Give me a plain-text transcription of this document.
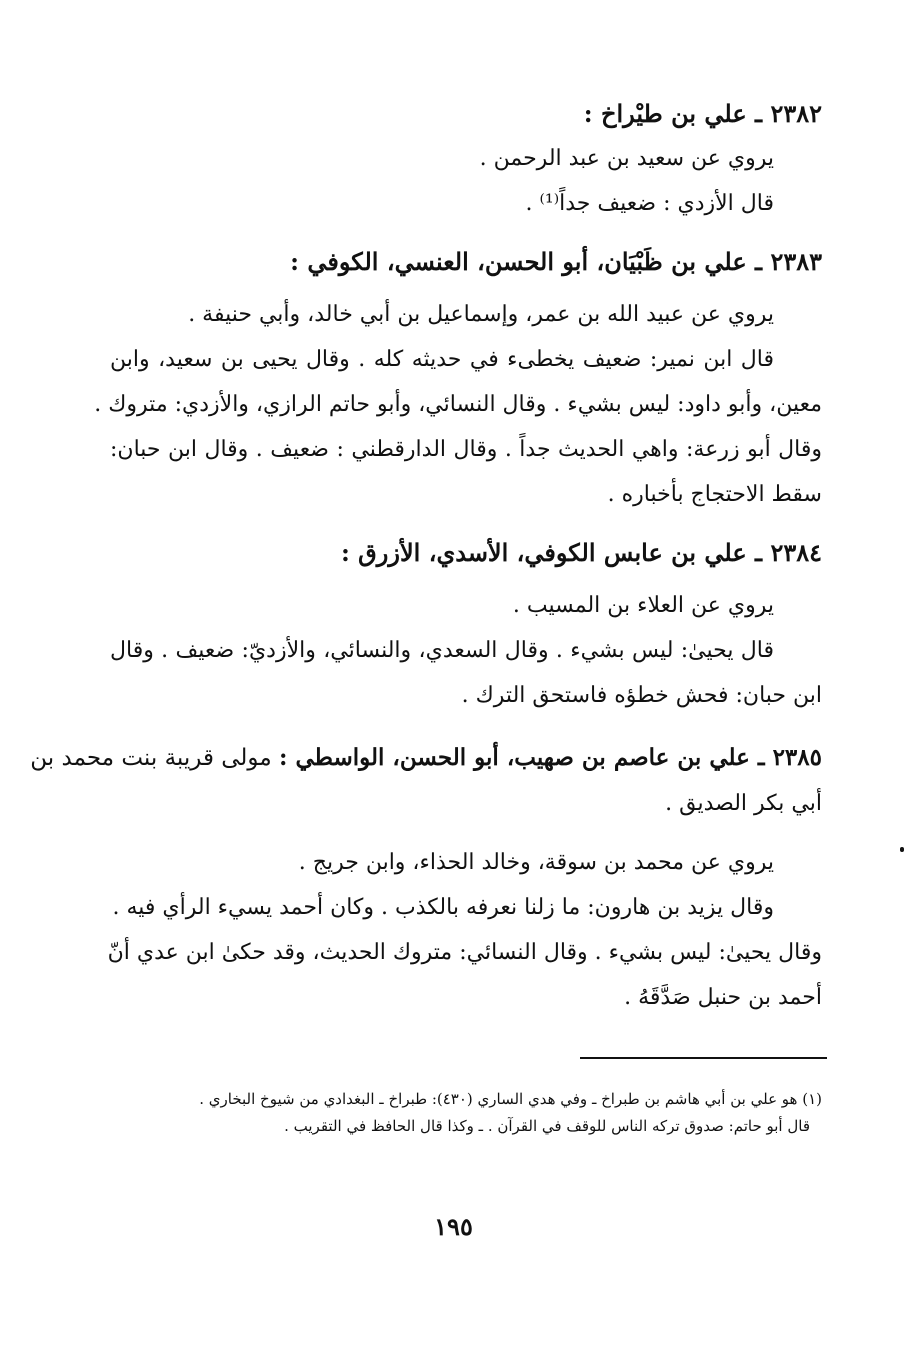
٢٣٨٢ ـ علي بن طيْراخ :
يروي عن سعيد بن عبد الرحمن .
قال الأزدي : ضعيف جداً⁽¹⁾ .
٢٣٨٣ ـ علي بن ظَبْيَان، أبو الحسن، العنسي، الكوفي :
يروي عن عبيد الله بن عمر، وإسماعيل بن أبي خالد، وأبي حنيفة .
قال ابن نمير: ضعيف يخطىء في حديثه كله . وقال يحيى بن سعيد، وابن
معين، وأبو داود: ليس بشيء . وقال النسائي، وأبو حاتم الرازي، والأزدي: متروك .
وقال أبو زرعة: واهي الحديث جداً . وقال الدارقطني : ضعيف . وقال ابن حبان:
سقط الاحتجاج بأخباره .
٢٣٨٤ ـ علي بن عابس الكوفي، الأسدي، الأزرق :
يروي عن العلاء بن المسيب .
قال يحيىٰ: ليس بشيء . وقال السعدي، والنسائي، والأزديّ: ضعيف . وقال
ابن حبان: فحش خطؤه فاستحق الترك .
٢٣٨٥ ـ علي بن عاصم بن صهيب، أبو الحسن، الواسطي : مولى قريبة بنت محمد بن
أبي بكر الصديق .
يروي عن محمد بن سوقة، وخالد الحذاء، وابن جريج .
وقال يزيد بن هارون: ما زلنا نعرفه بالكذب . وكان أحمد يسيء الرأي فيه .
وقال يحيىٰ: ليس بشيء . وقال النسائي: متروك الحديث، وقد حكىٰ ابن عدي أنّ
أحمد بن حنبل صَدَّقَهُ .
(١) هو علي بن أبي هاشم بن طبراخ ـ وفي هدي الساري (٤٣٠): طبراخ ـ البغدادي من شيوخ البخاري .
قال أبو حاتم: صدوق تركه الناس للوقف في القرآن . ـ وكذا قال الحافظ في التقريب .
١٩٥
